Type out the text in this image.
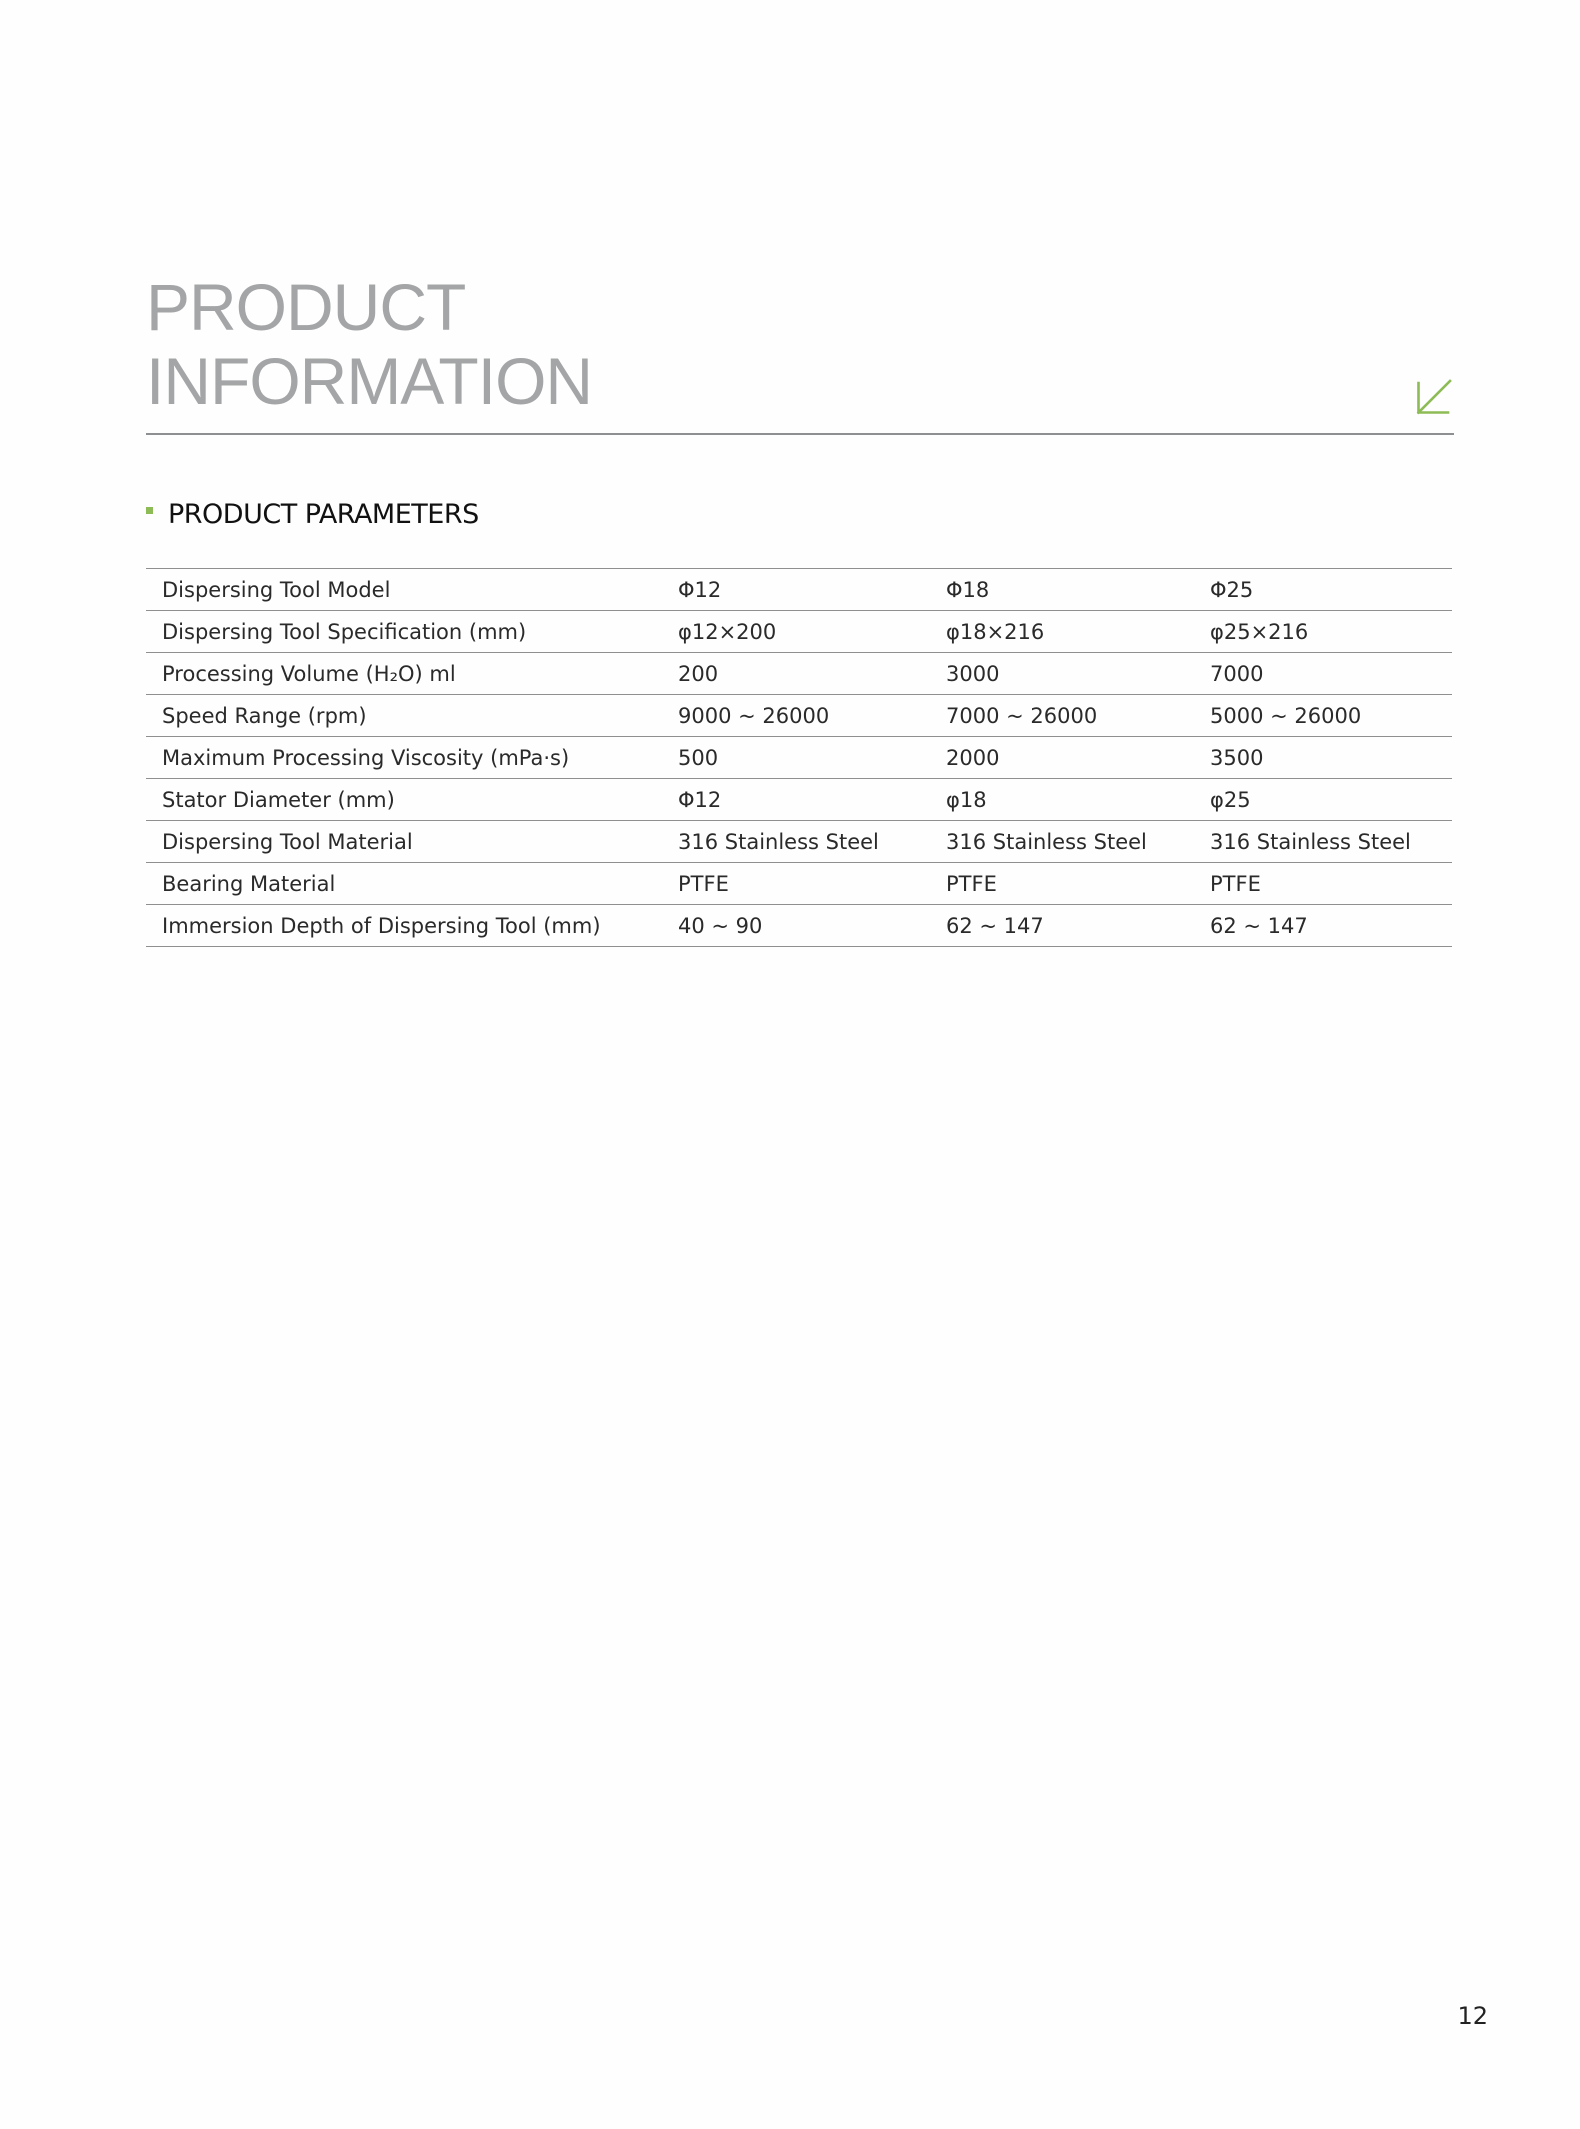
PRODUCT
INFORMATION
PRODUCT PARAMETERS
Dispersing Tool Model	Φ12	Φ18	Φ25
Dispersing Tool Specification (mm)	φ12×200	φ18×216	φ25×216
Processing Volume (H₂O) ml	200	3000	7000
Speed Range (rpm)	9000 ~ 26000	7000 ~ 26000	5000 ~ 26000
Maximum Processing Viscosity (mPa·s)	500	2000	3500
Stator Diameter (mm)	Φ12	φ18	φ25
Dispersing Tool Material	316 Stainless Steel	316 Stainless Steel	316 Stainless Steel
Bearing Material	PTFE	PTFE	PTFE
Immersion Depth of Dispersing Tool (mm)	40 ~ 90	62 ~ 147	62 ~ 147
12
